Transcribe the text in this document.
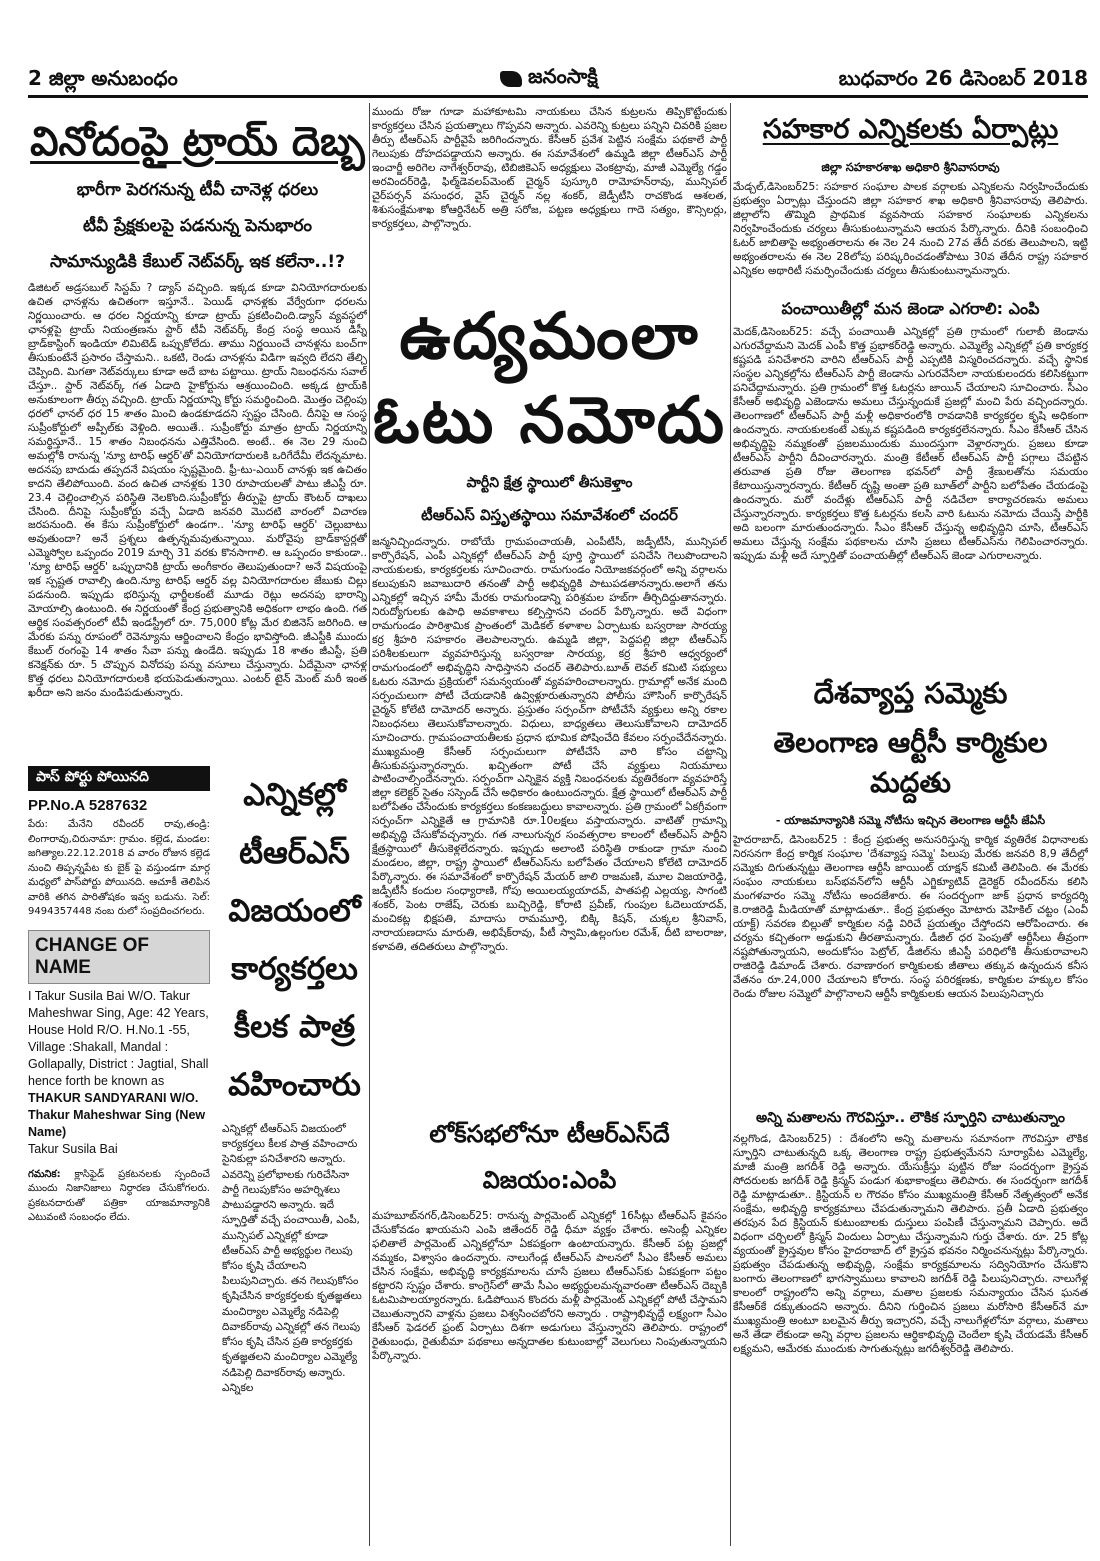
2 జిల్లా అనుబంధం	జనంసాక్షి	బుధవారం 26 డిసెంబర్ 2018
వినోదంపై ట్రాయ్ దెబ్బ
భారీగా పెరగనున్న టీవీ చానెళ్ల ధరలు
టీవీ ప్రేక్షకులపై పడనున్న పెనుభారం
సామాన్యుడికి కేబుల్ నెట్‌వర్క్ ఇక కలేనా..!?
డిజిటల్ అడ్రసబుల్ సిస్టమ్ ? డ్యాస్ వచ్చింది. ఇక్కడ కూడా వినియోగదారులకు ఉచిత ఛానళ్లను ఉచితంగా ఇస్తూనే.. పెయిడ్ ఛానళ్లకు వేర్వేరుగా ధరలను నిర్ణయించారు. ఆ ధరల నిర్ణయాన్ని కూడా ట్రాయ్ ప్రకటించింది.డ్యాస్ వ్యవస్థలో ఛానళ్లపై ట్రాయ్ నియంత్రణను స్టార్ టీవీ నెట్‌వర్క్ కేంద్ర సంస్థ అయిన డిస్నీ బ్రాడ్‌కాస్టింగ్ ఇండియా లిమిటెడ్ ఒప్పుకోలేదు. తాము నిర్ణయించే చానళ్లను బంచ్‌గా తీసుకుంటేనే ప్రసారం చేస్తామని.. ఒకటి, రెండు చానళ్లను విడిగా ఇవ్వది లేదని తేల్చి చెప్పింది. మిగతా నెట్‌వర్కులు కూడా అదే బాట పట్టాయి. ట్రాయ్ నిబంధనను సవాల్ చేస్తూ.. స్టార్ నెట్‌వర్క్ గత ఏడాది హైకోర్టును ఆశ్రయించింది. అక్కడ ట్రాయ్‌కి అనుకూలంగా తీర్పు వచ్చింది. ట్రాయ్ నిర్ణయాన్ని కోర్టు సమర్థించింది. మొత్తం చెల్లింపు ధరలో ఛానల్ ధర 15 శాతం మించి ఉండకూడదని స్పష్టం చేసింది. దీనిపై ఆ సంస్థ సుప్రీంకోర్టులో అప్పీల్‌కు వెళ్లింది. అయితే.. సుప్రీంకోర్టు మాత్రం ట్రాయ్ నిర్ణయాన్ని సమర్థిస్తూనే.. 15 శాతం నిబంధనను ఎత్తివేసింది. అంటే.. ఈ నెల 29 నుంచి అమల్లోకి రానున్న 'న్యూ టారిఫ్ ఆర్డర్‌'తో వినియోగదారులకి ఒరిగేదేమీ లేదన్నమాట. అదనపు బాదుడు తప్పదనే విషయం స్పష్టమైంది. ఫ్రీ-టు-ఎయిర్ చానళ్లు ఇక ఉచితం కాదని తేలిపోయింది. వంద ఉచిత చానళ్లకు 130 రూపాయలతో పాటు జీఎస్టీ రూ. 23.4 చెల్లించాల్సిన పరిస్థితి నెలకొంది.సుప్రీంకోర్టు తీర్పుపై ట్రాయ్ కౌంటర్ దాఖలు చేసింది. దీనిపై సుప్రీంకోర్టు వచ్చే ఏడాది జనవరి మొదటి వారంలో విచారణ జరపనుంది. ఈ కేసు సుప్రీంకోర్టులో ఉండగా.. 'న్యూ టారిఫ్ ఆర్డర్' చెల్లుబాటు అవుతుందా? అనే ప్రశ్నలు ఉత్పన్నమవుతున్నాయి. మరోవైపు బ్రాడ్‌కాస్టర్లతో ఎమ్మెస్వోల ఒప్పందం 2019 మార్చి 31 వరకు కొనసాగాలి. ఆ ఒప్పందం కాకుండా.. 'న్యూ టారిఫ్ ఆర్డర్' ఒప్పుదానికి ట్రాయ్ అంగీకారం తెలుపుతుందా? అనే విషయంపై ఇక స్పష్టత రావాల్సి ఉంది.న్యూ టారిఫ్ ఆర్డర్ వల్ల వినియోగదారుల జేబుకు చిల్లు పడనుంది. ఇప్పుడు భరిస్తున్న ఛార్జీలకంటే మూడు రెట్లు అదనపు భారాన్ని మోయాల్సి ఉంటుంది. ఈ నిర్ణయంతో కేంద్ర ప్రభుత్వానికి అధికంగా లాభం ఉంది. గత ఆర్థిక సంవత్సరంలో టీవీ ఇండస్ట్రీలో రూ. 75,000 కోట్ల మేర బిజినెస్ జరిగింది. ఆ మేరకు పన్ను రూపంలో రెవెన్యూను ఆర్జించాలని కేంద్రం భావిస్తోంది. జీఎస్టీకి ముందు కేబుల్ రంగంపై 14 శాతం సేవా పన్ను ఉండేది. ఇప్పుడు 18 శాతం జీఎస్టీ, ప్రతి కనెక్షన్‌కు రూ. 5 చొప్పున వినోదపు పన్ను వసూలు చేస్తున్నారు. ఏదేమైనా ఛానళ్ల కొత్త ధరలు వినియోగదారులకి భయపెడుతున్నాయి. ఎంటర్ టైన్ మెంట్ మరీ ఇంత ఖరీదా అని జనం మండిపడుతున్నారు.
పాస్ పోర్టు పోయినది
PP.No.A 5287632
పేరు: మేనేని రవీందర్ రావు,తండ్రి: లింగారావు,చిరునామా: గ్రామం. కల్లెడ, మండల: జగిత్యాల.22.12.2018 వ వారం రోజున కల్లెడ నుంచి తిప్పన్నపేట కు బైక్ పై వస్తుండగా మార్గ మధ్యలో పాస్‌పోర్టు పోయినది. ఆచూకీ తెలిపిన వారికి తగిన పారితోషకం ఇవ్వ బడును. సెల్: 9494357448 నంబ రులో సంప్రదించగలరు.
CHANGE OF NAME
I Takur Susila Bai W/O. Takur Maheshwar Sing, Age: 42 Years, House Hold R/O. H.No.1 -55, Village :Shakall, Mandal : Gollapally, District : Jagtial, Shall hence forth be known as THAKUR SANDYARANI W/O. Thakur Maheshwar Sing (New Name)
Takur Susila Bai
గమనిక: క్లాసిఫైడ్ ప్రకటనలకు స్పందించే ముందు నిజానిజాలు నిర్ధారణ చేసుకోగలరు. ప్రకటనదారుతో పత్రికా యాజమాన్యానికి ఎటువంటి సంబంధం లేదు.
ఎన్నికల్లో టీఆర్ఎస్ విజయంలో కార్యకర్తలు కీలక పాత్ర వహించారు
ఎన్నికల్లో టీఆర్ఎస్ విజయంలో కార్యకర్తలు కీలక పాత్ర వహించారు సైనికుల్లా పనిచేశారని అన్నారు. ఎవరెన్ని ప్రలోభాలకు గురిచేసినా పార్టీ గెలుపుకోసం అహర్నిశలు పాటుపడ్డారని అన్నారు. ఇదే స్ఫూర్తితో వచ్చే పంచాయితీ, ఎంపీ, మున్సిపల్ ఎన్నికల్లో కూడా టీఆర్ఎస్ పార్టీ అభ్యర్థుల గెలుపు కోసం కృషి చేయాలని పిలుపునిచ్చారు. తన గెలుపుకోసం కృషిచేసిన కార్యకర్తలకు కృతజ్ఞతలు మంచిర్యాల ఎమ్మెల్యే నడిపెల్లి దివాకర్‌రావు ఎన్నికల్లో తన గెలుపు కోసం కృషి చేసిన ప్రతి కార్యకర్తకు కృతజ్ఞతలని మంచిర్యాల ఎమ్మెల్యే నడిపెల్లి దివాకర్‌రావు అన్నారు. ఎన్నికల
ముందు రోజు గూడా మహాకూటమి నాయకులు చేసిన కుట్రలను తిప్పికొట్టేందుకు కార్యకర్తలు చేసిన ప్రయత్నాలు గొప్పవని అన్నారు. ఎవరెన్ని కుట్రలు పన్నిని చివరికి ప్రజల తీర్పు టీఆర్ఎస్ పార్టీవైపే జరిగిందన్నారు. కేసీఆర్ ప్రవేశ పెట్టిన సంక్షేమ పథకాలే పార్టీ గెలుపుకు దోహదపడ్డాయని అన్నారు. ఈ సమావేశంలో ఉమ్మడి జిల్లా టీఆర్ఎస్ పార్టీ ఇంచార్జీ అరిగెల నాగేశ్వర్‌రావు, టిబిజికెఎస్ అధ్యక్షులు వెంకట్రావు, మాజీ ఎమ్మెల్యే గడ్డం అరవిందర్‌రెడ్డి, ఫిల్మ్‌డెవలప్‌మెంట్ చైర్మన్ పుస్కూరి రామోహన్‌రావు, మున్సిపల్ చైర్‌పర్సన్ వసుంధర, వైస్ చైర్మన్ నల్ల శంకర్, జెడ్పీటీసి రాచకొండ ఆశలత, శిశుసంక్షేమశాఖ కోఆర్డినేటర్ అత్రి సరోజ, పట్టణ అధ్యక్షులు గాదె సత్యం, కౌన్సిలర్లు, కార్యకర్తలు, పాల్గొన్నారు.
ఉద్యమంలా ఓటు నమోదు
పార్టీని క్షేత్ర స్థాయిలో తీసుకెళ్తాం
టీఆర్ఎస్ విస్తృతస్థాయి సమావేశంలో చందర్
జన్మనిచ్చిందన్నారు. రాబోయే గ్రామపంచాయతీ, ఎంపీటీసీ, జడ్పీటీసీ, మున్సిపల్ కార్పొరేషన్, ఎంపీ ఎన్నికల్లో టీఆర్ఎస్ పార్టీ పూర్తి స్థాయిలో పనిచేసి గెలుపొందాలని నాయకులకు, కార్యకర్తలకు సూచించారు. రామగుండం నియోజకవర్గంలో అన్ని వర్గాలను కలుపుకుని జవాబుదారి తనంతో పార్టీ అభివృద్ధికి పాటుపడతానన్నారు.అలాగే తను ఎన్నికల్లో ఇచ్చిన హామీ మేరకు రామగుండాన్ని పరిశ్రమల హబ్‌గా తీర్చిదిద్దుతానన్నారు. నిరుద్యోగులకు ఉపాధి అవకాశాలు కల్పిస్తానని చందర్ పేర్కొన్నారు. అదే విధంగా రామగుండం పారిశ్రామిక ప్రాంతంలో మెడికల్ కళాశాల ఏర్పాటుకు బస్వరాజు సారయ్య కర్ర శ్రీహరి సహకారం తెలపాలన్నారు. ఉమ్మడి జిల్లా, పెద్దపల్లి జిల్లా టీఆర్ఎస్ పరిశీలకులుగా వ్యవహరిస్తున్న బస్వరాజు సారయ్య, కర్ర శ్రీహరి ఆధ్వర్యంలో రామగుండంలో అభివృద్ధిని సాధిస్తానని చందర్ తెలిపారు.బూత్ లెవల్ కమిటి సభ్యులు ఓటరు నమోదు ప్రక్రియలో సమన్వయంతో వ్యవహరించాలన్నారు. గ్రామాల్లో అనేక మంది సర్పంచులుగా పోటీ చేయడానికి ఉవ్విళ్లూరుతున్నారని పోలీసు హౌసింగ్ కార్పొరేషన్ చైర్మన్ కోలేటి దామోదర్ అన్నారు. ప్రస్తుతం సర్పంచ్‌గా పోటీచేసే వ్యక్తులు అన్ని రకాల నిబంధనలు తెలుసుకోవాలన్నారు. విధులు, బాధ్యతలు తెలుసుకోవాలని దామోదర్ సూచించారు. గ్రామపంచాయతీలకు ప్రధాన భూమిక పోషించేది కేవలం సర్పంచేదేనన్నారు. ముఖ్యమంత్రి కేసీఆర్ సర్పంచులుగా పోటీచేసే వారి కోసం చట్టాన్ని తీసుకువస్తున్నారన్నారు. ఖచ్చితంగా పోటీ చేసే వ్యక్తులు నియమాలు పాటించాల్సిందేనన్నారు. సర్పంచ్‌గా ఎన్నికైన వ్యక్తి నిబంధనలకు వ్యతిరేకంగా వ్యవహరిస్తే జిల్లా కలెక్టర్ సైతం సస్పెండ్ చేసే అధికారం ఉంటుందన్నారు. క్షేత్ర స్థాయిలో టీఆర్ఎస్ పార్టీ బలోపేతం చేసేందుకు కార్యకర్తలు కంకణబద్ధులు కావాలన్నారు. ప్రతి గ్రామంలో ఏకగ్రీవంగా సర్పంచ్‌గా ఎన్నికైతే ఆ గ్రామానికి రూ.10లక్షలు వస్తాయన్నారు. వాటితో గ్రామాన్ని అభివృద్ధి చేసుకోవచ్చన్నారు. గత నాలుగున్నర సంవత్సరాల కాలంలో టీఆర్ఎస్ పార్టీని క్షేత్రస్థాయిలో తీసుకెళ్లలేదన్నారు. ఇప్పుడు అలాంటి పరిస్థితి రాకుండా గ్రామా నుంచి మండలం, జిల్లా, రాష్ట్ర స్థాయిలో టీఆర్ఎస్‌ను బలోపేతం చేయాలని కోలేటి దామోదర్ పేర్కొన్నారు. ఈ సమావేశంలో కార్పొరేషన్ మేయర్ జాలి రాజమణి, మూల విజయారెడ్డి, జడ్పీటీసీ కందుల సంధ్యారాణి, గోపు అయిలయ్యయాదవ్, పాతపల్లి ఎల్లయ్య, సాగంటి శంకర్, పెంట రాజేష్, చెరుకు బుచ్చిరెడ్డి, కోరాటి ప్రవీణ్, గుంపుల ఓదెలుయాదవ్, మంచికట్ల భిక్షపతి, మాదాసు రామమూర్తి, బిక్కి కిషన్, చుక్కల శ్రీనివాస్, నారాయణదాసు మారుతి, అభిషేక్‌రావు, పీటీ స్వామి,ఉల్లంగుల రమేశ్, దీటి బాలరాజు, కళావతి, తదితరులు పాల్గొన్నారు.
లోక్‌సభలోనూ టీఆర్ఎస్‌దే
విజయం:ఎంపి
మహబూబ్‌నగర్,డిసెంబర్25: రానున్న పార్లమెంట్ ఎన్నికల్లో 16సీట్లు టీఆర్ఎస్ కైవసం చేసుకోవడం ఖాయమని ఎంపి జితేందర్ రెడ్డి ధీమా వ్యక్తం చేశారు. అసెంబ్లీ ఎన్నికల ఫలితాలే పార్లమెంట్ ఎన్నికల్లోనూ ఏకపక్షంగా ఉంటాయన్నారు. కేసీఆర్ పట్ల ప్రజల్లో నమ్మకం, విశ్వాసం ఉందన్నారు. నాలుగేండ్ల టీఆర్ఎస్ పాలనలో సీఎం కేసీఆర్ అమలు చేసిన సంక్షేమ, అభివృద్ధి కార్యక్రమాలను చూసే ప్రజలు టీఆర్ఎస్‌కు ఏకపక్షంగా పట్టం కట్టారని స్పష్టం చేశారు. కాంగ్రెస్‌లో తామే సీఎం అభ్యర్థులమన్నవారంతా టీఆర్ఎస్ దెబ్బకి ఓటమిపాలయ్యారన్నారు. ఓడిపోయిన కొందరు మళ్లీ పార్లమెంట్ ఎన్నికల్లో పోటీ చేస్తామని చెబుతున్నారని వాళ్లను ప్రజలు విశ్వసించబోరని అన్నారు . రాష్ట్రాభివృద్ధే లక్ష్యంగా సీఎం కేసీఆర్ ఫెడరల్ ఫ్రంట్ ఏర్పాటు దిశగా అడుగులు వేస్తున్నారని తెలిపారు. రాష్ట్రంలో రైతుబంధు, రైతుబీమా పథకాలు అన్నదాతల కుటుంబాల్లో వెలుగులు నింపుతున్నాయని పేర్కొన్నారు.
సహకార ఎన్నికలకు ఏర్పాట్లు
జిల్లా సహకారశాఖ అధికారి శ్రీనివాసరావు
మేడ్చల్,డిసెంబర్25: సహకార సంఘాల పాలక వర్గాలకు ఎన్నికలను నిర్వహించేందుకు ప్రభుత్వం ఏర్పాట్లు చేస్తుందని జిల్లా సహకార శాఖ అధికారి శ్రీనివాసరావు తెలిపారు. జిల్లాలోని తొమ్మిది ప్రాథమిక వ్యవసాయ సహకార సంఘాలకు ఎన్నికలను నిర్వహించేందుకు చర్యలు తీసుకుంటున్నామని ఆయన పేర్కొన్నారు. దీనికి సంబంధించి ఓటర్ జాబితాపై అభ్యంతరాలను ఈ నెల 24 నుంచి 27వ తేదీ వరకు తెలుపాలని, ఇట్టి అభ్యంతరాలను ఈ నెల 28లోపు పరిష్కరించడంతోపాటు 30వ తేదీన రాష్ట్ర సహకార ఎన్నికల అథారిటీ సమర్పించేందుకు చర్యలు తీసుకుంటున్నామన్నారు.
పంచాయితీల్లో మన జెండా ఎగరాలి: ఎంపి
మెదక్,డిసెంబర్25: వచ్చే పంచాయితీ ఎన్నికల్లో ప్రతి గ్రామంలో గులాబీ జెండాను ఎగురవేద్దామని మెదక్ ఎంపీ కొత్త ప్రభాకర్‌రెడ్డి అన్నారు. ఎమ్మెల్యే ఎన్నికల్లో ప్రతి కార్యకర్త కష్టపడి పనిచేశారని వారిని టీఆర్ఎస్ పార్టీ ఎప్పటికి విస్మరించదన్నారు. వచ్చే స్థానిక సంస్థల ఎన్నికల్లోను టీఆర్ఎస్ పార్టీ జెండాను ఎగురవేసేలా నాయకులందరు కలిసికట్టుగా పనిచేద్దామన్నారు. ప్రతి గ్రామంలో కొత్త ఓటర్లను జాయిన్ చేయాలని సూచించారు. సీఎం కేసీఆర్ అభివృద్ధి ఎజెండాను అమలు చేస్తున్నందుకే ప్రజల్లో మంచి పేరు వచ్చిందన్నారు. తెలంగాణలో టీఆర్ఎస్ పార్టీ మళ్లీ అధికారంలోకి రావడానికి కార్యకర్తల కృషి అధికంగా ఉందన్నారు. నాయకులకంటే ఎక్కువ కష్టపడింది కార్యకర్తలేనన్నారు. సీఎం కేసీఆర్ చేసిన అభివృద్ధిపై నమ్మకంతో ప్రజలముందుకు ముందస్తుగా వెళ్లారన్నారు. ప్రజలు కూడా టీఆర్ఎస్ పార్టీని దీవించారన్నారు. మంత్రి కేటీఆర్ టీఆర్ఎస్ పార్టీ పగ్గాలు చేపట్టిన తరువాత ప్రతి రోజు తెలంగాణ భవన్‌లో పార్టీ శ్రేణులతోను సమయం కేటాయిస్తున్నారన్నారు. కేటీఆర్ దృష్టి అంతా ప్రతి బూత్‌లో పార్టీని బలోపేతం చేయడంపై ఉందన్నారు. మరో వందేళ్లు టీఆర్ఎస్ పార్టీ నడిచేలా కార్యాచరణను అమలు చేస్తున్నారన్నారు. కార్యకర్తలు కొత్త ఓటర్లను కలసి వారి ఓటును నమోదు చేయిస్తే పార్టీకి అది బలంగా మారుతుందన్నారు. సీఎం కేసీఆర్ చేస్తున్న అభివృద్ధిని చూసి, టీఆర్ఎస్ అమలు చేస్తున్న సంక్షేమ పథకాలను చూసి ప్రజలు టీఆర్ఎస్‌ను గెలిపించారన్నారు. ఇప్పుడు మళ్లీ అదే స్ఫూర్తితో పంచాయతీల్లో టీఆర్ఎస్ జెండా ఎగురాలన్నారు.
దేశవ్యాప్త సమ్మెకు
తెలంగాణ ఆర్టీసీ కార్మికుల మద్దతు
- యాజమాన్యానికి సమ్మె నోటీసు ఇచ్చిన తెలంగాణ ఆర్టీసీ జేఏసీ
హైదరాబాద్, డిసెంబర్25 : కేంద్ర ప్రభుత్వ అనుసరిస్తున్న కార్మిక వ్యతిరేక విధానాలకు నిరసనగా కేంద్ర కార్మిక సంఘాల 'దేశవ్యాప్త సమ్మె' పిలుపు మేరకు జనవరి 8,9 తేదీల్లో సమ్మెకు దిగుతున్నట్టు తెలంగాణ ఆర్టీసీ జాయింట్ యాక్షన్ కమిటీ తెలిపింది. ఈ మేరకు సంఘం నాయకులు బస్‌భవన్‌లోని ఆర్టీసీ ఎగ్జిక్యూటివ్ డైరెక్టర్ రవీందర్‌ను కలిసి మంగళవారం సమ్మె నోటీసు అందజేశారు. ఈ సందర్భంగా జాక్ ప్రధాన కార్యదర్శి కె.రాజిరెడ్డి మీడియాతో మాట్లాడుతూ.. కేంద్ర ప్రభుత్వం మోటారు వెహికిల్ చట్టం (ఎంవీ యాక్ట్) సవరణ బిల్లుతో కార్మికుల నడ్డి విరిచే ప్రయత్నం చేస్తోందని ఆరోపించారు. ఈ చర్యను కచ్చితంగా అడ్డుకుని తీరతామన్నారు. డీజిల్ ధర పెంపుతో ఆర్టీసీలు తీవ్రంగా నష్టపోతున్నాయని, అందుకోసం పెట్రోల్, డీజిల్‌ను జీఎస్టీ పరిధిలోకి తీసుకురావాలని రాజిరెడ్డి డిమాండ్ చేశారు. రవాణారంగ కార్మికులకు జీతాలు తక్కువ ఉన్నందున కనీస వేతనం రూ.24,000 చేయాలని కోరారు. సంస్థ పరిరక్షణకు, కార్మికుల హక్కుల కోసం రెండు రోజుల సమ్మెలో పాల్గొనాలని ఆర్టీసీ కార్మికులకు ఆయన పిలుపునిచ్చారు
అన్ని మతాలను గౌరవిస్తూ.. లౌకిక స్ఫూర్తిని చాటుతున్నాం
నల్లగొండ, డిసెంబర్25) : దేశంలోని అన్ని మతాలను సమానంగా గౌరవిస్తూ లౌకిక స్ఫూర్తిని చాటుతున్నది ఒక్క తెలంగాణ రాష్ట్ర ప్రభుత్వమేనని సూర్యాపేట ఎమ్మెల్యే, మాజీ మంత్రి జగదీశ్ రెడ్డి అన్నారు. యేసుక్రీస్తు పుట్టిన రోజు సందర్భంగా క్రైస్తవ సోదరులకు జగదీశ్ రెడ్డి క్రిస్మస్ పండుగ శుభాకాంక్షలు తెలిపారు. ఈ సందర్భంగా జగదీశ్ రెడ్డి మాట్లాడుతూ.. క్రిస్టియన్ ల గౌరవం కోసం ముఖ్యమంత్రి కేసీఆర్ నేతృత్వంలో అనేక సంక్షేమ, అభివృద్ధి కార్యక్రమాలు చేపడుతున్నామని తెలిపారు. ప్రతీ ఏడాది ప్రభుత్వం తరపున పేద క్రిస్టియన్ కుటుంబాలకు దుస్తులు పంపిణీ చేస్తున్నామని చెప్పారు. అదే విధంగా చర్చిలలో క్రిస్మస్ విందులు ఏర్పాటు చేస్తున్నామని గుర్తు చేశారు. రూ. 25 కోట్ల వ్యయంతో క్రైస్తవుల కోసం హైదరాబాద్ లో క్రైస్తవ భవనం నిర్మించనున్నట్లు పేర్కొన్నారు. ప్రభుత్వం చేపడుతున్న అభివృద్ధి, సంక్షేమ కార్యక్రమాలను సద్వినియోగం చేసుకొని బంగారు తెలంగాణలో భాగస్వాములు కావాలని జగదీశ్ రెడ్డి పిలుపునిచ్చారు. నాలుగేళ్ల కాలంలో రాష్ట్రంలోని అన్ని వర్గాలు, మతాల ప్రజలకు సమన్యాయం చేసిన ఘనత కేసీఆర్‌కే దక్కుతుందని అన్నారు. దీనిని గుర్తించిన ప్రజలు మరోసారి కేసీఆర్‌నే మా ముఖ్యమంత్రి అంటూ బలమైన తీర్పు ఇచ్చారని, వచ్చే నాలుగేళ్లలోనూ వర్గాలు, మతాలు అనే తేడా లేకుండా అన్ని వర్గాల ప్రజలను ఆర్థికాభివృద్ధి చెందేలా కృషి చేయడమే కేసీఆర్ లక్ష్యమని, ఆమేరకు ముందుకు సాగుతున్నట్లు జగదీశ్వర్‌రెడ్డి తెలిపారు.
